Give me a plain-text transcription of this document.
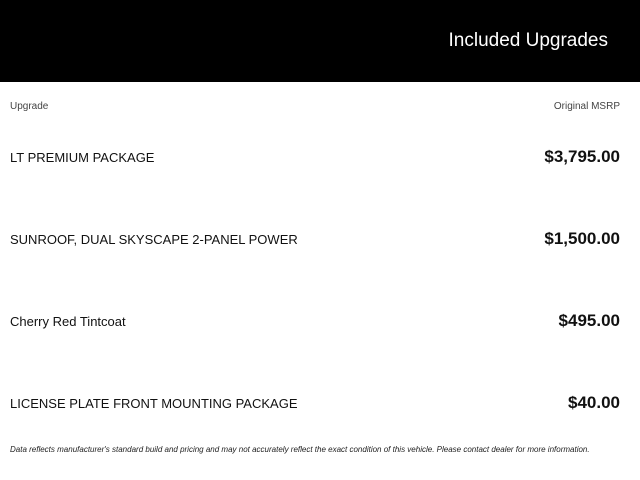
Included Upgrades
Upgrade	Original MSRP
LT PREMIUM PACKAGE	$3,795.00
SUNROOF, DUAL SKYSCAPE 2-PANEL POWER	$1,500.00
Cherry Red Tintcoat	$495.00
LICENSE PLATE FRONT MOUNTING PACKAGE	$40.00
Data reflects manufacturer's standard build and pricing and may not accurately reflect the exact condition of this vehicle. Please contact dealer for more information.
